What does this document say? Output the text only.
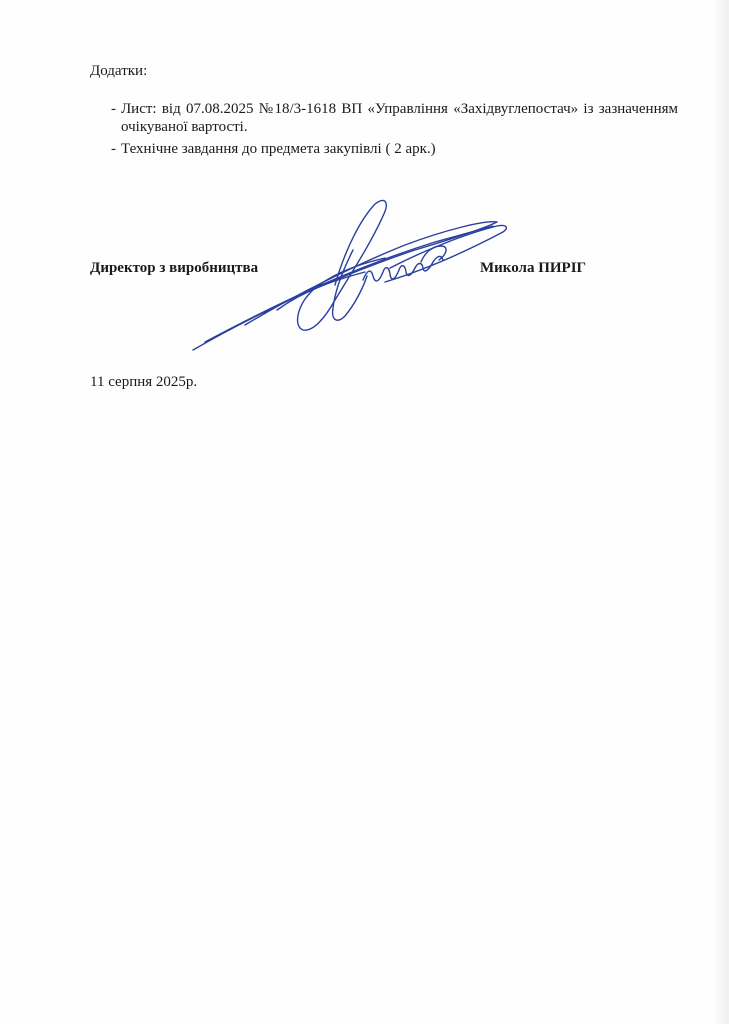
Додатки:
- Лист: від 07.08.2025 №18/3-1618 ВП «Управління «Західвуглепостач» із зазначенням очікуваної вартості.
- Технічне завдання до предмета закупівлі ( 2 арк.)
Директор з виробництва	Микола ПИРІГ
11 серпня 2025р.
